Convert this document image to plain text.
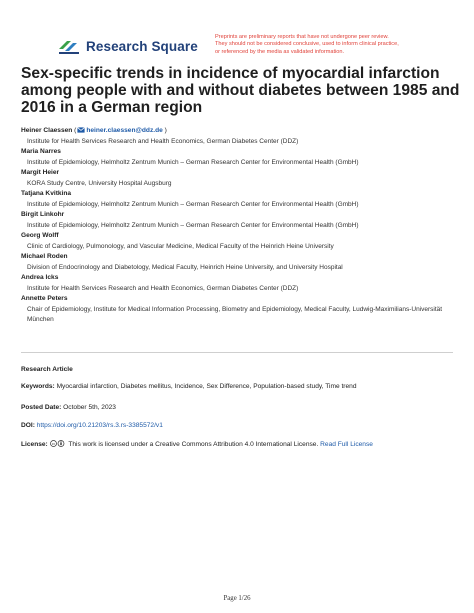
Research Square
Preprints are preliminary reports that have not undergone peer review.
They should not be considered conclusive, used to inform clinical practice,
or referenced by the media as validated information.
Sex-specific trends in incidence of myocardial infarction among people with and without diabetes between 1985 and 2016 in a German region
Heiner Claessen ( heiner.claessen@ddz.de )
Institute for Health Services Research and Health Economics, German Diabetes Center (DDZ)
Maria Narres
Institute of Epidemiology, Helmholtz Zentrum Munich – German Research Center for Environmental Health (GmbH)
Margit Heier
KORA Study Centre, University Hospital Augsburg
Tatjana Kvitkina
Institute of Epidemiology, Helmholtz Zentrum Munich – German Research Center for Environmental Health (GmbH)
Birgit Linkohr
Institute of Epidemiology, Helmholtz Zentrum Munich – German Research Center for Environmental Health (GmbH)
Georg Wolff
Clinic of Cardiology, Pulmonology, and Vascular Medicine, Medical Faculty of the Heinrich Heine University
Michael Roden
Division of Endocrinology and Diabetology, Medical Faculty, Heinrich Heine University, and University Hospital
Andrea Icks
Institute for Health Services Research and Health Economics, German Diabetes Center (DDZ)
Annette Peters
Chair of Epidemiology, Institute for Medical Information Processing, Biometry and Epidemiology, Medical Faculty, Ludwig-Maximilians-Universität München
Research Article
Keywords: Myocardial infarction, Diabetes mellitus, Incidence, Sex Difference, Population-based study, Time trend
Posted Date: October 5th, 2023
DOI: https://doi.org/10.21203/rs.3.rs-3385572/v1
License: cc This work is licensed under a Creative Commons Attribution 4.0 International License. Read Full License
Page 1/26
